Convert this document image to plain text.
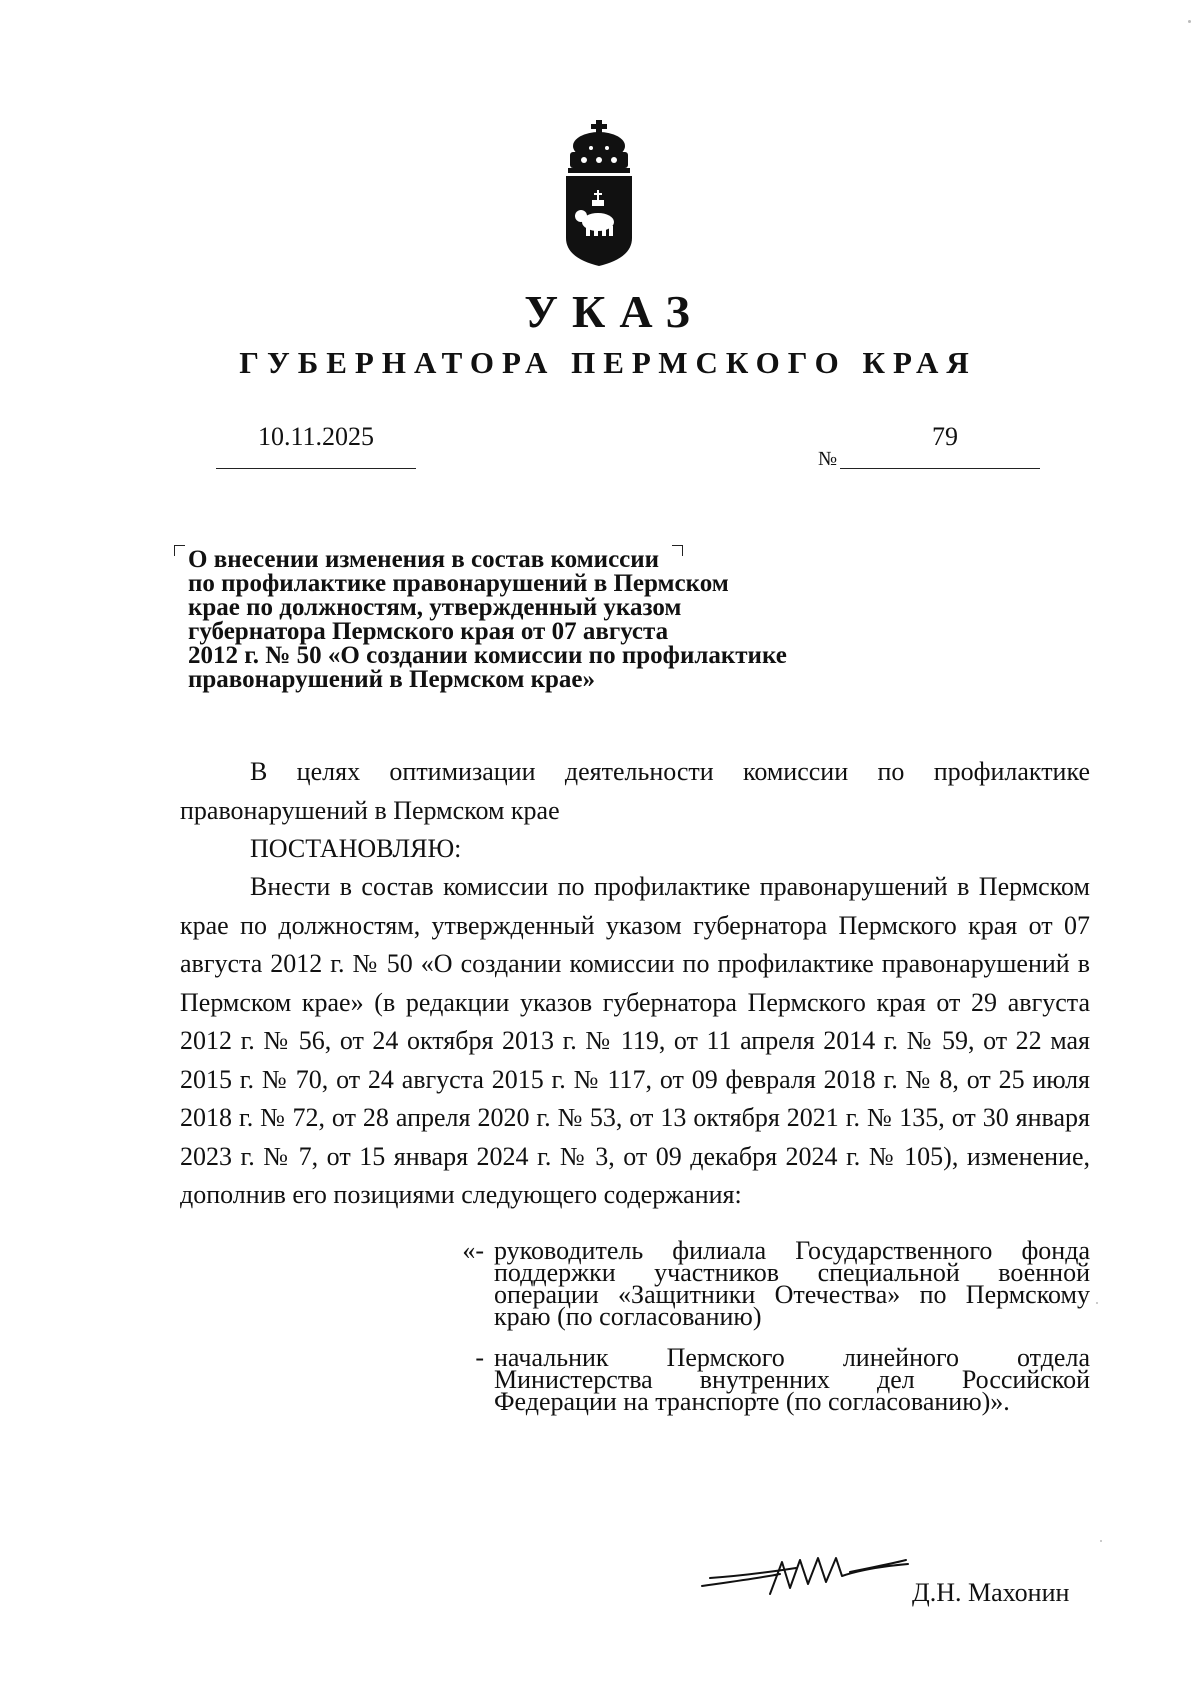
УКАЗ
ГУБЕРНАТОРА ПЕРМСКОГО КРАЯ
10.11.2025
№
79
О внесении изменения в состав комиссии
по профилактике правонарушений в Пермском
крае по должностям, утвержденный указом
губернатора Пермского края от 07 августа
2012 г. № 50 «О создании комиссии по профилактике
правонарушений в Пермском крае»
В целях оптимизации деятельности комиссии по профилактике правонарушений в Пермском крае
ПОСТАНОВЛЯЮ:
Внести в состав комиссии по профилактике правонарушений в Пермском крае по должностям, утвержденный указом губернатора Пермского края от 07 августа 2012 г. № 50 «О создании комиссии по профилактике правонарушений в Пермском крае» (в редакции указов губернатора Пермского края от 29 августа 2012 г. № 56, от 24 октября 2013 г. № 119, от 11 апреля 2014 г. № 59, от 22 мая 2015 г. № 70, от 24 августа 2015 г. № 117, от 09 февраля 2018 г. № 8, от 25 июля 2018 г. № 72, от 28 апреля 2020 г. № 53, от 13 октября 2021 г. № 135, от 30 января 2023 г. № 7, от 15 января 2024 г. № 3, от 09 декабря 2024 г. № 105), изменение, дополнив его позициями следующего содержания:
«- руководитель филиала Государственного фонда поддержки участников специальной военной операции «Защитники Отечества» по Пермскому краю (по согласованию)
- начальник Пермского линейного отдела Министерства внутренних дел Российской Федерации на транспорте (по согласованию)».
Д.Н. Махонин
